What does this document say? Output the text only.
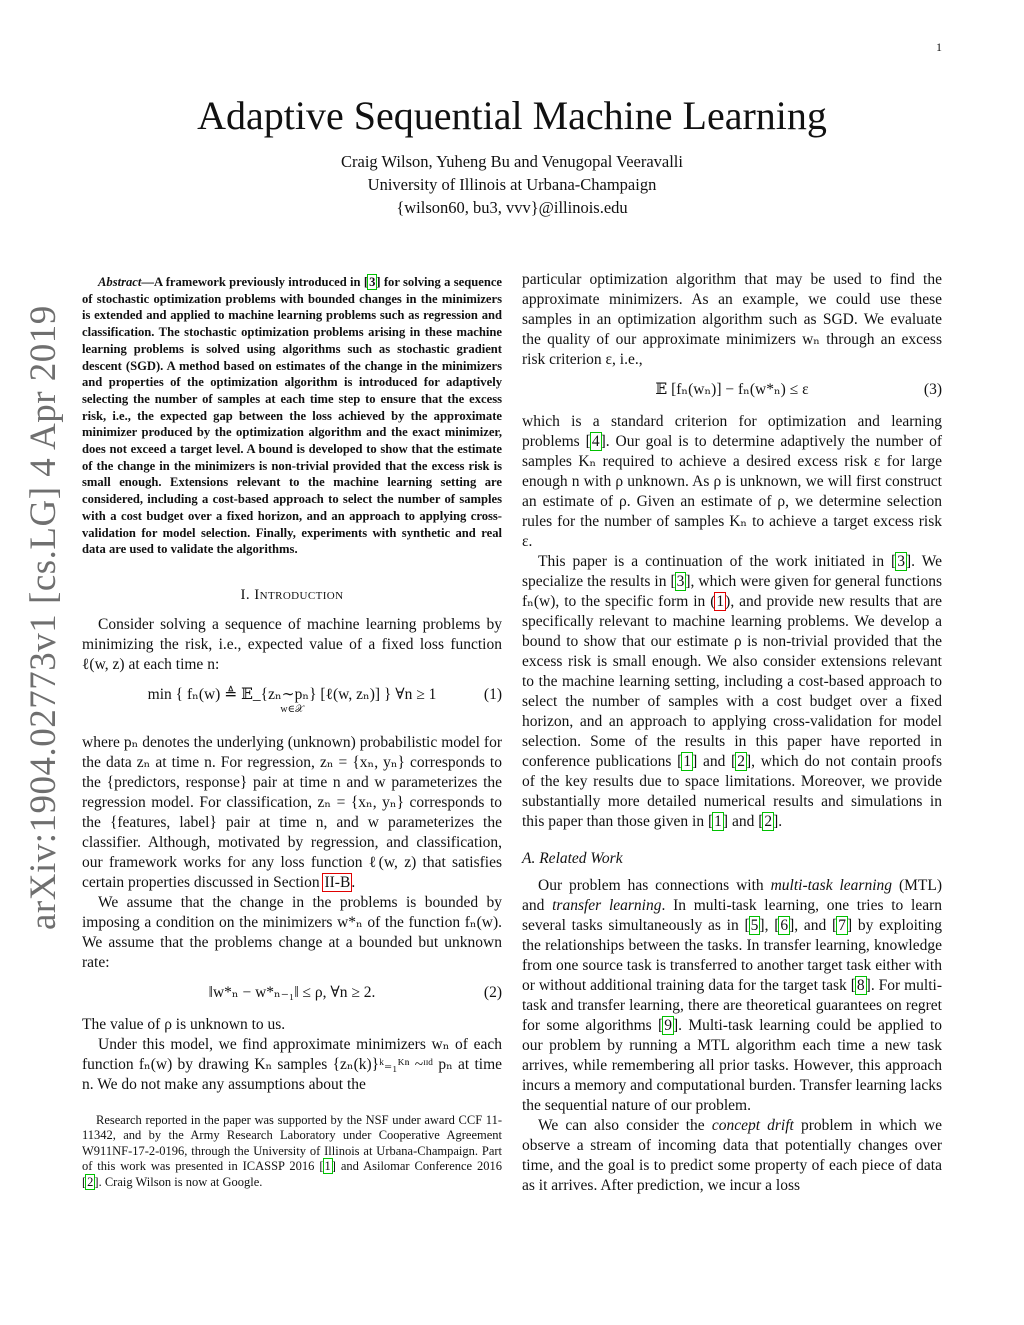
1
arXiv:1904.02773v1 [cs.LG] 4 Apr 2019
Adaptive Sequential Machine Learning
Craig Wilson, Yuheng Bu and Venugopal Veeravalli
University of Illinois at Urbana-Champaign
{wilson60, bu3, vvv}@illinois.edu

Abstract—A framework previously introduced in [3] for solving a sequence of stochastic optimization problems with bounded changes in the minimizers is extended and applied to machine learning problems such as regression and classification. The stochastic optimization problems arising in these machine learning problems is solved using algorithms such as stochastic gradient descent (SGD). A method based on estimates of the change in the minimizers and properties of the optimization algorithm is introduced for adaptively selecting the number of samples at each time step to ensure that the excess risk, i.e., the expected gap between the loss achieved by the approximate minimizer produced by the optimization algorithm and the exact minimizer, does not exceed a target level. A bound is developed to show that the estimate of the change in the minimizers is non-trivial provided that the excess risk is small enough. Extensions relevant to the machine learning setting are considered, including a cost-based approach to select the number of samples with a cost budget over a fixed horizon, and an approach to applying cross-validation for model selection. Finally, experiments with synthetic and real data are used to validate the algorithms.

I. Introduction

Consider solving a sequence of machine learning problems by minimizing the risk, i.e., expected value of a fixed loss function ℓ(w, z) at each time n:

min { fₙ(w) ≜ 𝔼_{zₙ∼pₙ} [ℓ(w, zₙ)] } ∀n ≥ 1
w∈𝒳
(1)

where pₙ denotes the underlying (unknown) probabilistic model for the data zₙ at time n. For regression, zₙ = {xₙ, yₙ} corresponds to the {predictors, response} pair at time n and w parameterizes the regression model. For classification, zₙ = {xₙ, yₙ} corresponds to the {features, label} pair at time n, and w parameterizes the classifier. Although, motivated by regression, and classification, our framework works for any loss function ℓ(w, z) that satisfies certain properties discussed in Section II-B.

We assume that the change in the problems is bounded by imposing a condition on the minimizers w*ₙ of the function fₙ(w). We assume that the problems change at a bounded but unknown rate:

‖w*ₙ − w*ₙ₋₁‖ ≤ ρ, ∀n ≥ 2.	(2)

The value of ρ is unknown to us.

Under this model, we find approximate minimizers wₙ of each function fₙ(w) by drawing Kₙ samples {zₙ(k)}ᵏ₌₁ᴷⁿ ~ᶦᶦᵈ pₙ at time n. We do not make any assumptions about the

Research reported in the paper was supported by the NSF under award CCF 11-11342, and by the Army Research Laboratory under Cooperative Agreement W911NF-17-2-0196, through the University of Illinois at Urbana-Champaign. Part of this work was presented in ICASSP 2016 [1] and Asilomar Conference 2016 [2]. Craig Wilson is now at Google.

particular optimization algorithm that may be used to find the approximate minimizers. As an example, we could use these samples in an optimization algorithm such as SGD. We evaluate the quality of our approximate minimizers wₙ through an excess risk criterion ε, i.e.,

𝔼 [fₙ(wₙ)] − fₙ(w*ₙ) ≤ ε	(3)

which is a standard criterion for optimization and learning problems [4]. Our goal is to determine adaptively the number of samples Kₙ required to achieve a desired excess risk ε for large enough n with ρ unknown. As ρ is unknown, we will first construct an estimate of ρ. Given an estimate of ρ, we determine selection rules for the number of samples Kₙ to achieve a target excess risk ε.

This paper is a continuation of the work initiated in [3]. We specialize the results in [3], which were given for general functions fₙ(w), to the specific form in (1), and provide new results that are specifically relevant to machine learning problems. We develop a bound to show that our estimate ρ is non-trivial provided that the excess risk is small enough. We also consider extensions relevant to the machine learning setting, including a cost-based approach to select the number of samples with a cost budget over a fixed horizon, and an approach to applying cross-validation for model selection. Some of the results in this paper have reported in conference publications [1] and [2], which do not contain proofs of the key results due to space limitations. Moreover, we provide substantially more detailed numerical results and simulations in this paper than those given in [1] and [2].

A. Related Work

Our problem has connections with multi-task learning (MTL) and transfer learning. In multi-task learning, one tries to learn several tasks simultaneously as in [5], [6], and [7] by exploiting the relationships between the tasks. In transfer learning, knowledge from one source task is transferred to another target task either with or without additional training data for the target task [8]. For multi-task and transfer learning, there are theoretical guarantees on regret for some algorithms [9]. Multi-task learning could be applied to our problem by running a MTL algorithm each time a new task arrives, while remembering all prior tasks. However, this approach incurs a memory and computational burden. Transfer learning lacks the sequential nature of our problem.

We can also consider the concept drift problem in which we observe a stream of incoming data that potentially changes over time, and the goal is to predict some property of each piece of data as it arrives. After prediction, we incur a loss
